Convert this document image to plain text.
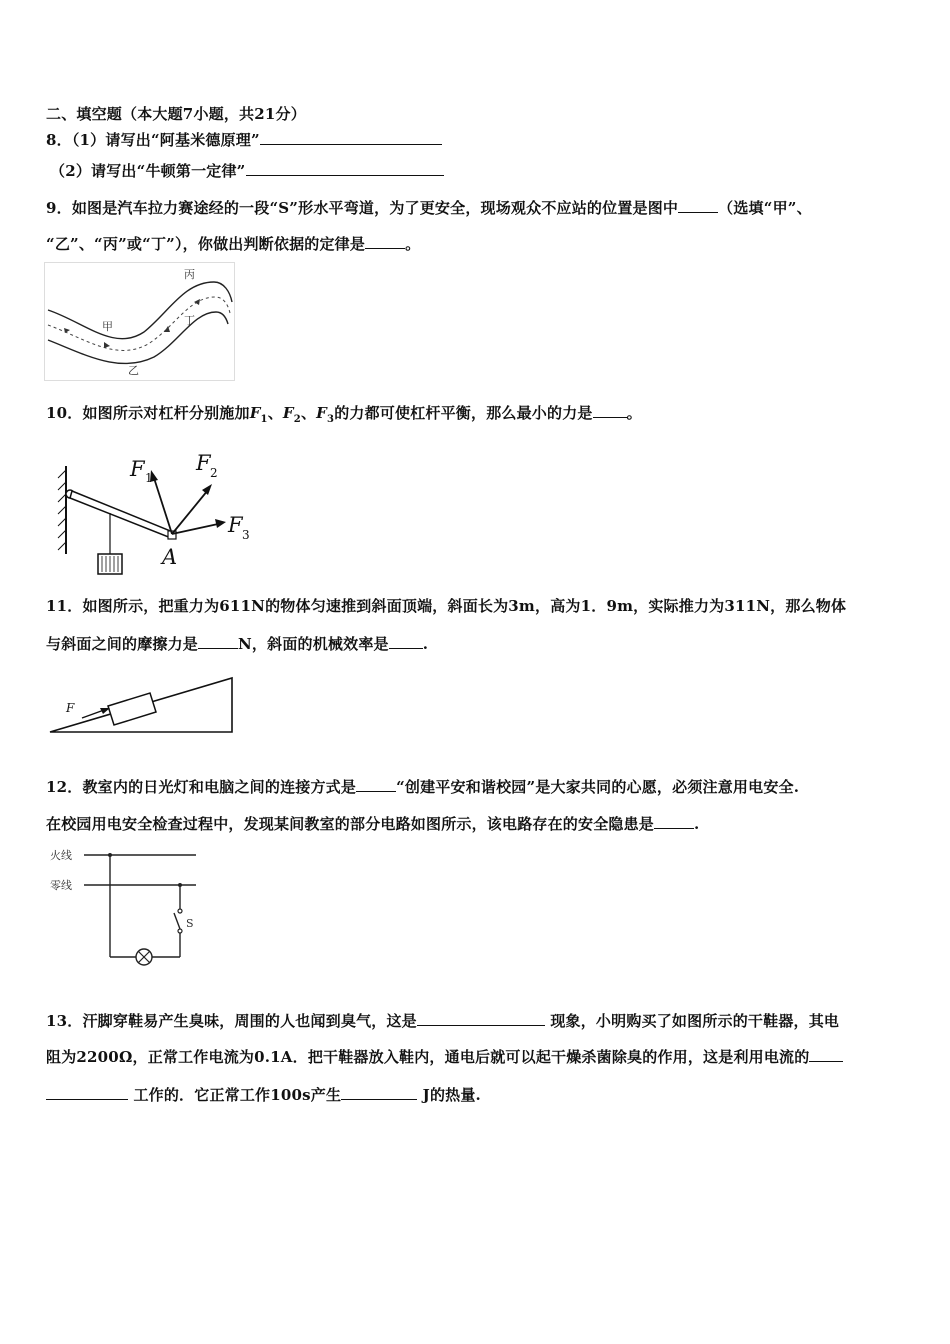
二、填空题（本大题7小题，共21分）
8．（1）请写出“阿基米德原理”
（2）请写出“牛顿第一定律”
9．如图是汽车拉力赛途经的一段“S”形水平弯道，为了更安全，现场观众不应站的位置是图中	（选填“甲”、
“乙”、“丙”或“丁”），你做出判断依据的定律是	。
甲
乙
丙
丁
10．如图所示对杠杆分别施加$F_1$、$F_2$、$F_3$的力都可使杠杆平衡，那么最小的力是 。
F 1
F 2
F 3
A
11．如图所示，把重力为611N的物体匀速推到斜面顶端，斜面长为3m，高为1．9m，实际推力为311N，那么物体
与斜面之间的摩擦力是	N，斜面的机械效率是 .
F
12．教室内的日光灯和电脑之间的连接方式是	“创建平安和谐校园”是大家共同的心愿，必须注意用电安全.
在校园用电安全检查过程中，发现某间教室的部分电路如图所示，该电路存在的安全隐患是	.
火线
零线
S
13．汗脚穿鞋易产生臭味，周围的人也闻到臭气，这是	现象，小明购买了如图所示的干鞋器，其电
阻为2200Ω，正常工作电流为0.1A．把干鞋器放入鞋内，通电后就可以起干燥杀菌除臭的作用，这是利用电流的
工作的．它正常工作100s产生	J的热量.
